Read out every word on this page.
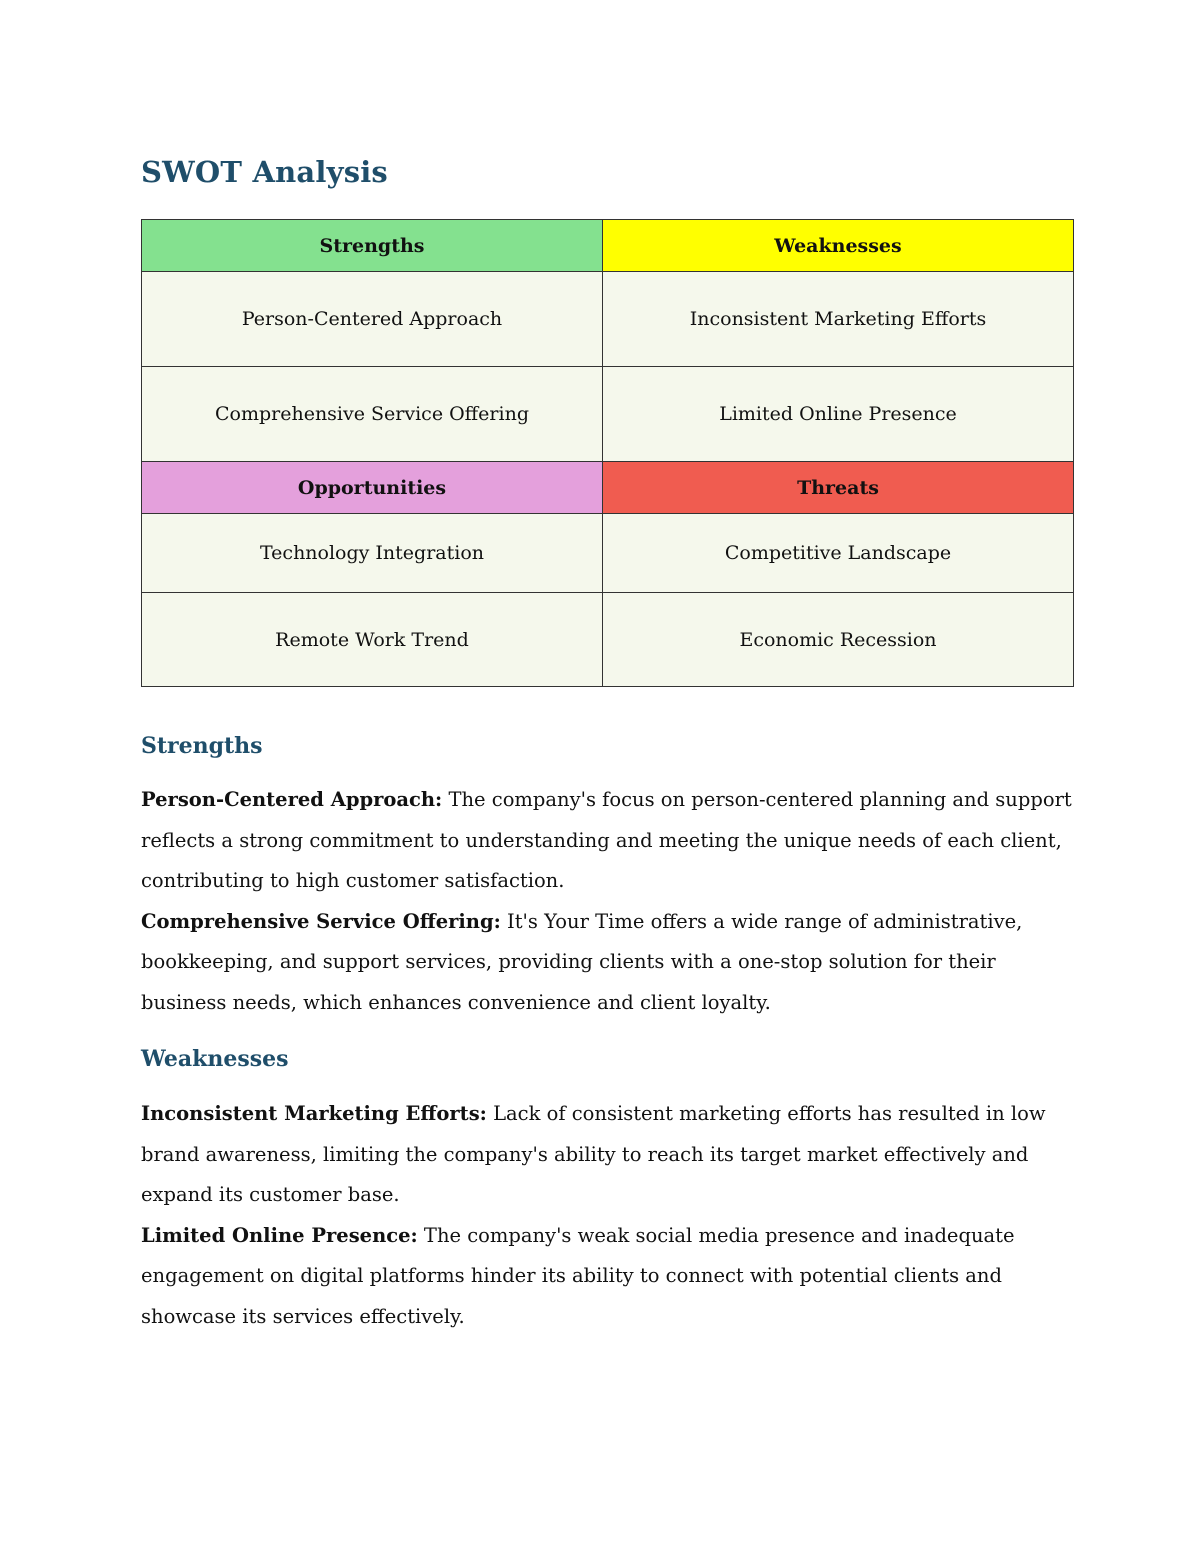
SWOT Analysis
Strengths	Weaknesses
Person-Centered Approach	Inconsistent Marketing Efforts
Comprehensive Service Offering	Limited Online Presence
Opportunities	Threats
Technology Integration	Competitive Landscape
Remote Work Trend	Economic Recession
Strengths

Person-Centered Approach: The company's focus on person-centered planning and support reflects a strong commitment to understanding and meeting the unique needs of each client, contributing to high customer satisfaction.

Comprehensive Service Offering: It's Your Time offers a wide range of administrative, bookkeeping, and support services, providing clients with a one-stop solution for their business needs, which enhances convenience and client loyalty.

Weaknesses

Inconsistent Marketing Efforts: Lack of consistent marketing efforts has resulted in low brand awareness, limiting the company's ability to reach its target market effectively and expand its customer base.

Limited Online Presence: The company's weak social media presence and inadequate engagement on digital platforms hinder its ability to connect with potential clients and showcase its services effectively.
